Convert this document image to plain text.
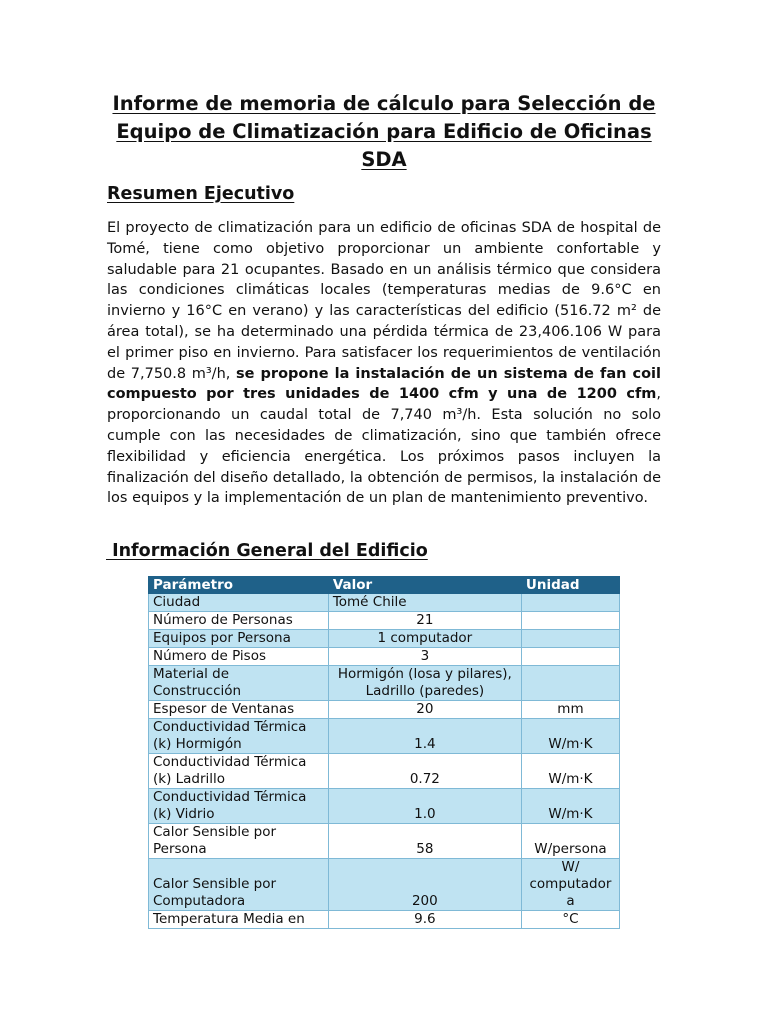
Informe de memoria de cálculo para Selección de Equipo de Climatización para Edificio de Oficinas SDA
Resumen Ejecutivo

El proyecto de climatización para un edificio de oficinas SDA de hospital de Tomé, tiene como objetivo proporcionar un ambiente confortable y saludable para 21 ocupantes. Basado en un análisis térmico que considera las condiciones climáticas locales (temperaturas medias de 9.6°C en invierno y 16°C en verano) y las características del edificio (516.72 m² de área total), se ha determinado una pérdida térmica de 23,406.106 W para el primer piso en invierno. Para satisfacer los requerimientos de ventilación de 7,750.8 m³/h, se propone la instalación de un sistema de fan coil compuesto por tres unidades de 1400 cfm y una de 1200 cfm, proporcionando un caudal total de 7,740 m³/h. Esta solución no solo cumple con las necesidades de climatización, sino que también ofrece flexibilidad y eficiencia energética. Los próximos pasos incluyen la finalización del diseño detallado, la obtención de permisos, la instalación de los equipos y la implementación de un plan de mantenimiento preventivo.

Información General del Edificio
Parámetro	Valor	Unidad
Ciudad	Tomé Chile	
Número de Personas	21	
Equipos por Persona	1 computador	
Número de Pisos	3	
Material de
Construcción	Hormigón (losa y pilares),
Ladrillo (paredes)	
Espesor de Ventanas	20	mm
Conductividad Térmica
(k) Hormigón	1.4	W/m·K
Conductividad Térmica
(k) Ladrillo	0.72	W/m·K
Conductividad Térmica
(k) Vidrio	1.0	W/m·K
Calor Sensible por
Persona	58	W/persona
Calor Sensible por
Computadora	200	W/
computador
a
Temperatura Media en	9.6	°C
